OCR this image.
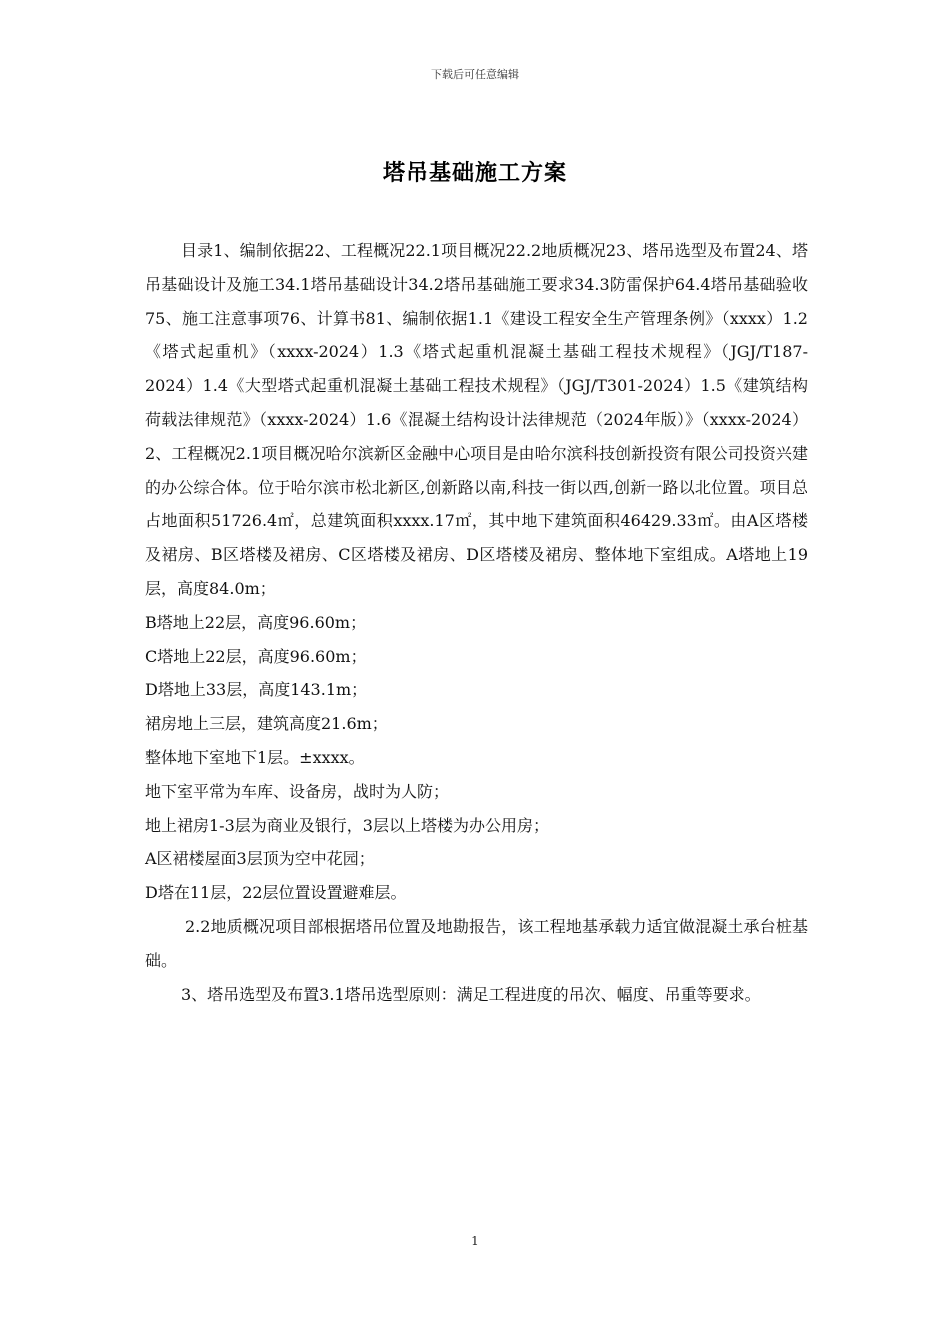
下载后可任意编辑
塔吊基础施工方案

目录1、编制依据22、工程概况22.1项目概况22.2地质概况23、塔吊选型及布置24、塔吊基础设计及施工34.1塔吊基础设计34.2塔吊基础施工要求34.3防雷保护64.4塔吊基础验收75、施工注意事项76、计算书81、编制依据1.1《建设工程安全生产管理条例》（xxxx）1.2《塔式起重机》（xxxx-2024）1.3《塔式起重机混凝土基础工程技术规程》（JGJ/T187-2024）1.4《大型塔式起重机混凝土基础工程技术规程》（JGJ/T301-2024）1.5《建筑结构荷载法律规范》（xxxx-2024）1.6《混凝土结构设计法律规范（2024年版）》（xxxx-2024）2、工程概况2.1项目概况哈尔滨新区金融中心项目是由哈尔滨科技创新投资有限公司投资兴建的办公综合体。位于哈尔滨市松北新区,创新路以南,科技一街以西,创新一路以北位置。项目总占地面积51726.4㎡，总建筑面积xxxx.17㎡，其中地下建筑面积46429.33㎡。由A区塔楼及裙房、B区塔楼及裙房、C区塔楼及裙房、D区塔楼及裙房、整体地下室组成。A塔地上19层，高度84.0m；

B塔地上22层，高度96.60m；

C塔地上22层，高度96.60m；

D塔地上33层，高度143.1m；

裙房地上三层，建筑高度21.6m；

整体地下室地下1层。±xxxx。

地下室平常为车库、设备房，战时为人防；

地上裙房1-3层为商业及银行，3层以上塔楼为办公用房；

A区裙楼屋面3层顶为空中花园；

D塔在11层，22层位置设置避难层。

2.2地质概况项目部根据塔吊位置及地勘报告，该工程地基承载力适宜做混凝土承台桩基础。

3、塔吊选型及布置3.1塔吊选型原则：满足工程进度的吊次、幅度、吊重等要求。

1
